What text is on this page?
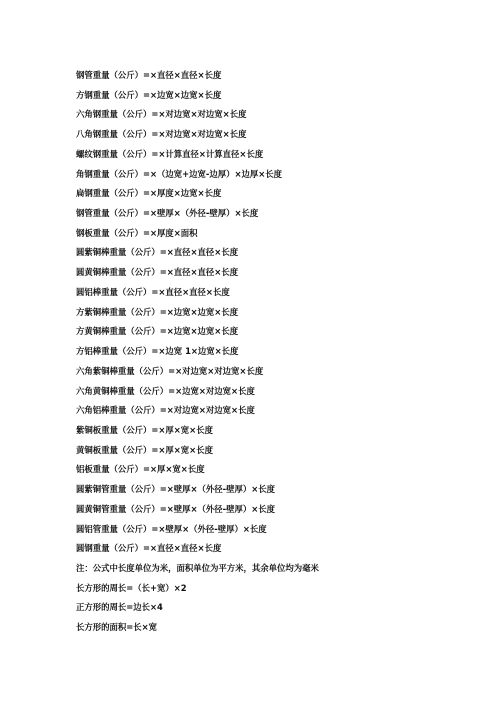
钢管重量（公斤）=×直径×直径×长度
方钢重量（公斤）=×边宽×边宽×长度
六角钢重量（公斤）=×对边宽×对边宽×长度
八角钢重量（公斤）=×对边宽×对边宽×长度
螺纹钢重量（公斤）=×计算直径×计算直径×长度
角钢重量（公斤）=×（边宽+边宽-边厚）×边厚×长度
扁钢重量（公斤）=×厚度×边宽×长度
钢管重量（公斤）=×壁厚×（外径-壁厚）×长度
钢板重量（公斤）=×厚度×面积
圆紫铜棒重量（公斤）=×直径×直径×长度
圆黄铜棒重量（公斤）=×直径×直径×长度
圆铝棒重量（公斤）=×直径×直径×长度
方紫铜棒重量（公斤）=×边宽×边宽×长度
方黄铜棒重量（公斤）=×边宽×边宽×长度
方铝棒重量（公斤）=×边宽 1×边宽×长度
六角紫铜棒重量（公斤）=×对边宽×对边宽×长度
六角黄铜棒重量（公斤）=×边宽×对边宽×长度
六角铝棒重量（公斤）=×对边宽×对边宽×长度
紫铜板重量（公斤）=×厚×宽×长度
黄铜板重量（公斤）=×厚×宽×长度
铝板重量（公斤）=×厚×宽×长度
圆紫铜管重量（公斤）=×壁厚×（外径-壁厚）×长度
圆黄铜管重量（公斤）=×壁厚×（外径-壁厚）×长度
圆铝管重量（公斤）=×壁厚×（外径-壁厚）×长度
圆钢重量（公斤）=×直径×直径×长度
注：公式中长度单位为米，面积单位为平方米，其余单位均为毫米
长方形的周长=（长+宽）×2
正方形的周长=边长×4
长方形的面积=长×宽
